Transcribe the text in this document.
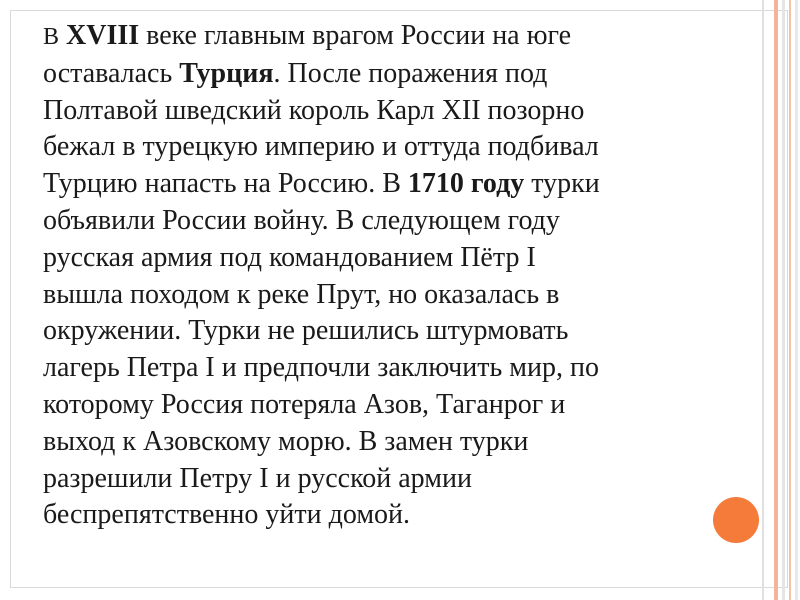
В XVIII веке главным врагом России на юге
оставалась Турция. После поражения под
Полтавой шведский король Карл XII позорно
бежал в турецкую империю и оттуда подбивал
Турцию напасть на Россию. В 1710 году турки
объявили России войну. В следующем году
русская армия под командованием Пётр I
вышла походом к реке Прут, но оказалась в
окружении. Турки не решились штурмовать
лагерь Петра I и предпочли заключить мир, по
которому Россия потеряла Азов, Таганрог и
выход к Азовскому морю. В замен турки
разрешили Петру I и русской армии
беспрепятственно уйти домой.
